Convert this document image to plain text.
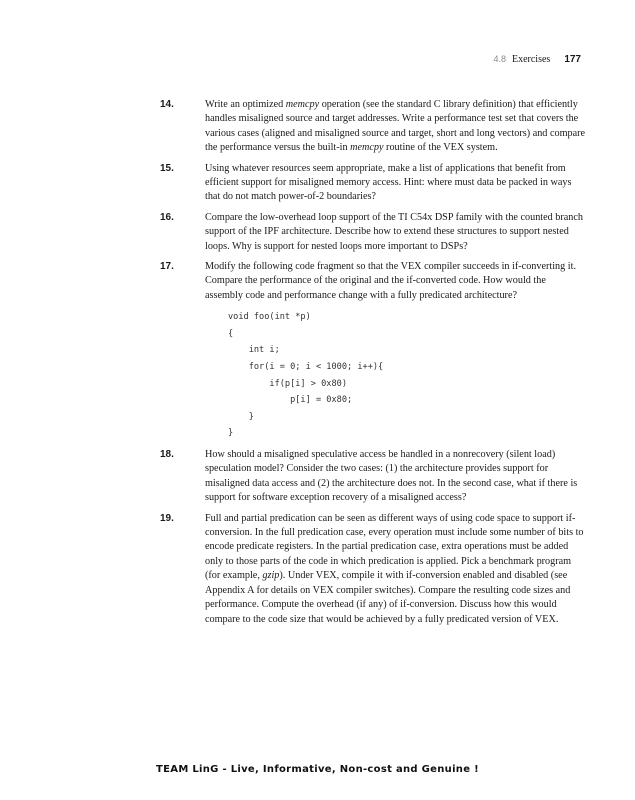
4.8 Exercises 177
14.	Write an optimized memcpy operation (see the standard C library definition) that efficiently handles misaligned source and target addresses. Write a performance test set that covers the various cases (aligned and misaligned source and target, short and long vectors) and compare the performance versus the built-in memcpy routine of the VEX system.
15.	Using whatever resources seem appropriate, make a list of applications that benefit from efficient support for misaligned memory access. Hint: where must data be packed in ways that do not match power-of-2 boundaries?
16.	Compare the low-overhead loop support of the TI C54x DSP family with the counted branch support of the IPF architecture. Describe how to extend these structures to support nested loops. Why is support for nested loops more important to DSPs?
17.	Modify the following code fragment so that the VEX compiler succeeds in if-converting it. Compare the performance of the original and the if-converted code. How would the assembly code and performance change with a fully predicated architecture?
void foo(int *p)
{
int i;
for(i = 0; i < 1000; i++){
if(p[i] > 0x80)
p[i] = 0x80;
}
}
18.	How should a misaligned speculative access be handled in a nonrecovery (silent load) speculation model? Consider the two cases: (1) the architecture provides support for misaligned data access and (2) the architecture does not. In the second case, what if there is support for software exception recovery of a misaligned access?
19.	Full and partial predication can be seen as different ways of using code space to support if-conversion. In the full predication case, every operation must include some number of bits to encode predicate registers. In the partial predication case, extra operations must be added only to those parts of the code in which predication is applied. Pick a benchmark program (for example, gzip). Under VEX, compile it with if-conversion enabled and disabled (see Appendix A for details on VEX compiler switches). Compare the resulting code sizes and performance. Compute the overhead (if any) of if-conversion. Discuss how this would compare to the code size that would be achieved by a fully predicated version of VEX.
TEAM LinG - Live, Informative, Non-cost and Genuine !
